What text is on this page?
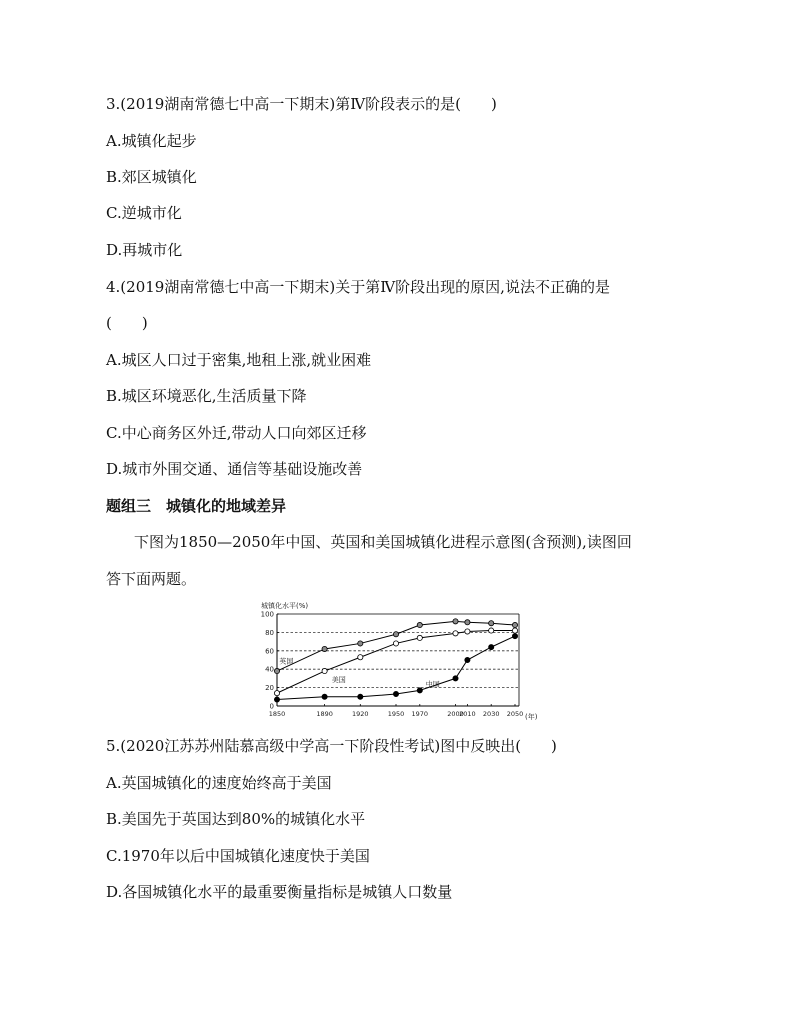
3.(2019湖南常德七中高一下期末)第Ⅳ阶段表示的是(　　)
A.城镇化起步
B.郊区城镇化
C.逆城市化
D.再城市化
4.(2019湖南常德七中高一下期末)关于第Ⅳ阶段出现的原因,说法不正确的是
(　　)
A.城区人口过于密集,地租上涨,就业困难
B.城区环境恶化,生活质量下降
C.中心商务区外迁,带动人口向郊区迁移
D.城市外围交通、通信等基础设施改善
题组三　城镇化的地域差异
下图为1850—2050年中国、英国和美国城镇化进程示意图(含预测),读图回
答下面两题。
0
20
40
60
80
100
1850	1890	1920	1950 1970	2000
2010 2030 2050
英国
美国
中国
城镇化水平(%)
(年)
5.(2020江苏苏州陆慕高级中学高一下阶段性考试)图中反映出(　　)
A.英国城镇化的速度始终高于美国
B.美国先于英国达到80%的城镇化水平
C.1970年以后中国城镇化速度快于美国
D.各国城镇化水平的最重要衡量指标是城镇人口数量
